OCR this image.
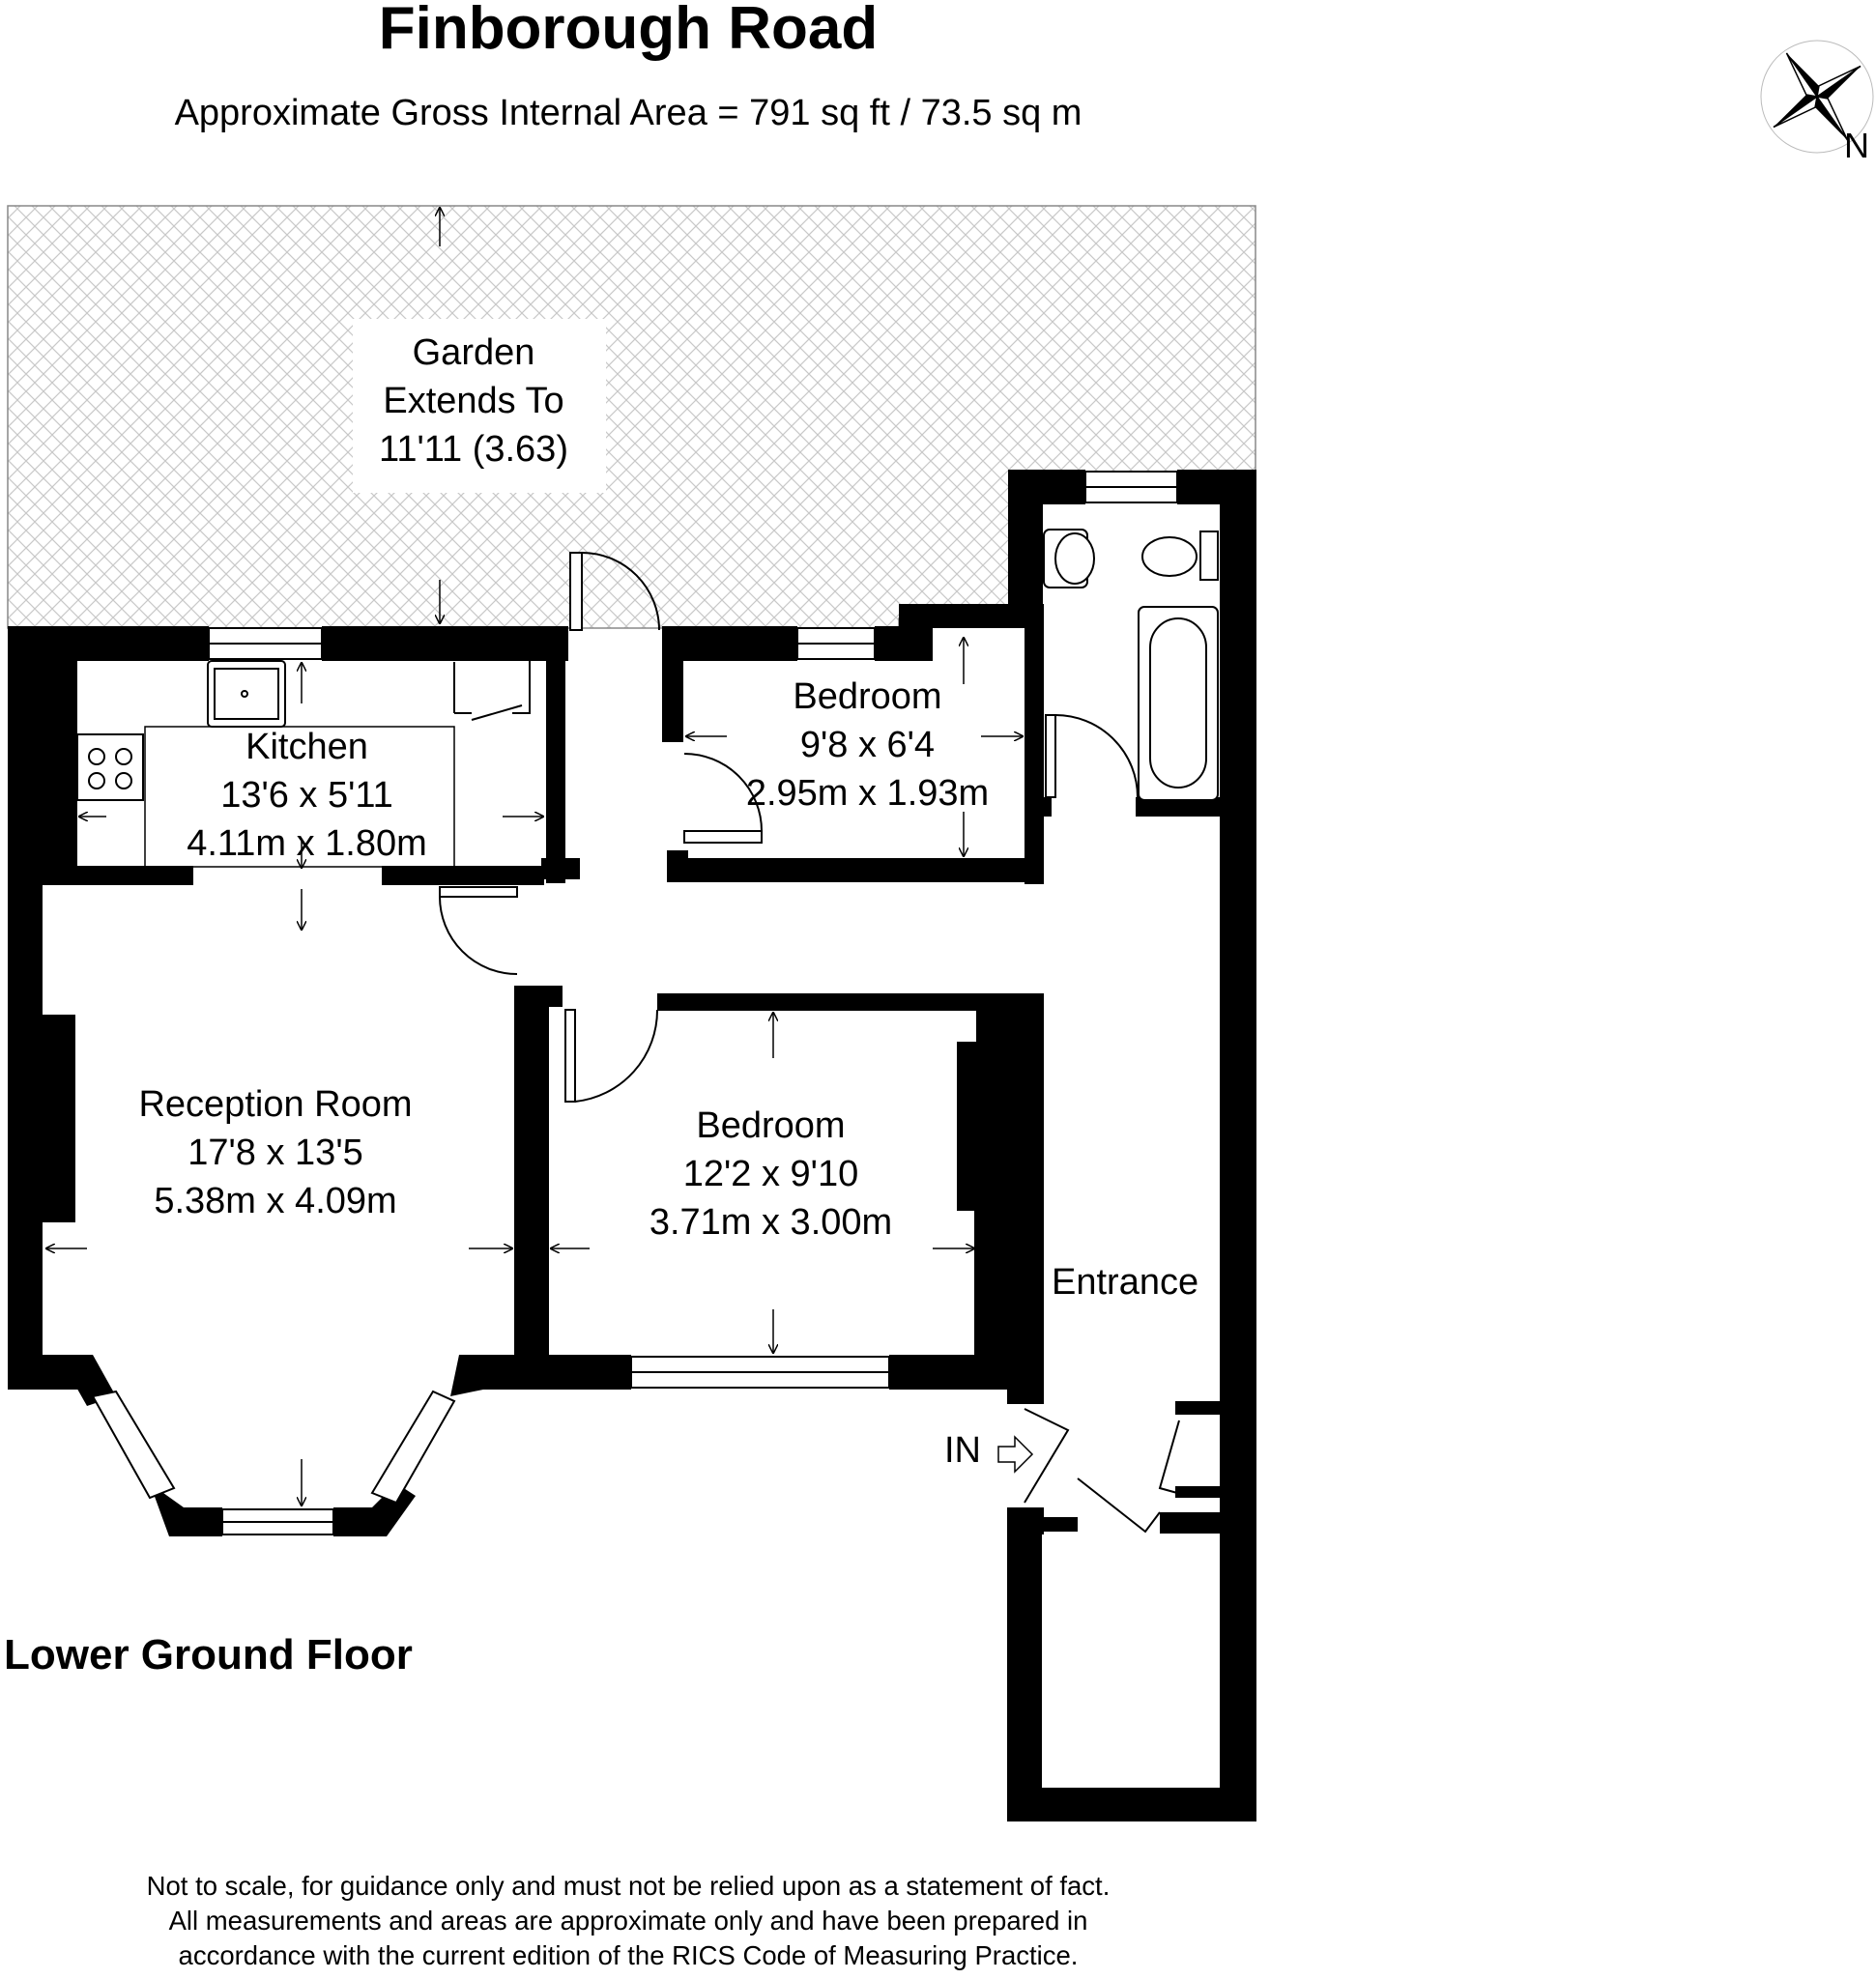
Finborough Road
Approximate Gross Internal Area = 791 sq ft / 73.5 sq m
N
Garden
Extends To
11'11 (3.63)
Kitchen
13'6 x 5'11
4.11m x 1.80m
Bedroom
9'8 x 6'4
2.95m x 1.93m
Reception Room
17'8 x 13'5
5.38m x 4.09m
Bedroom
12'2 x 9'10
3.71m x 3.00m
Entrance
IN
Lower Ground Floor
Not to scale, for guidance only and must not be relied upon as a statement of fact.
All measurements and areas are approximate only and have been prepared in
accordance with the current edition of the RICS Code of Measuring Practice.
